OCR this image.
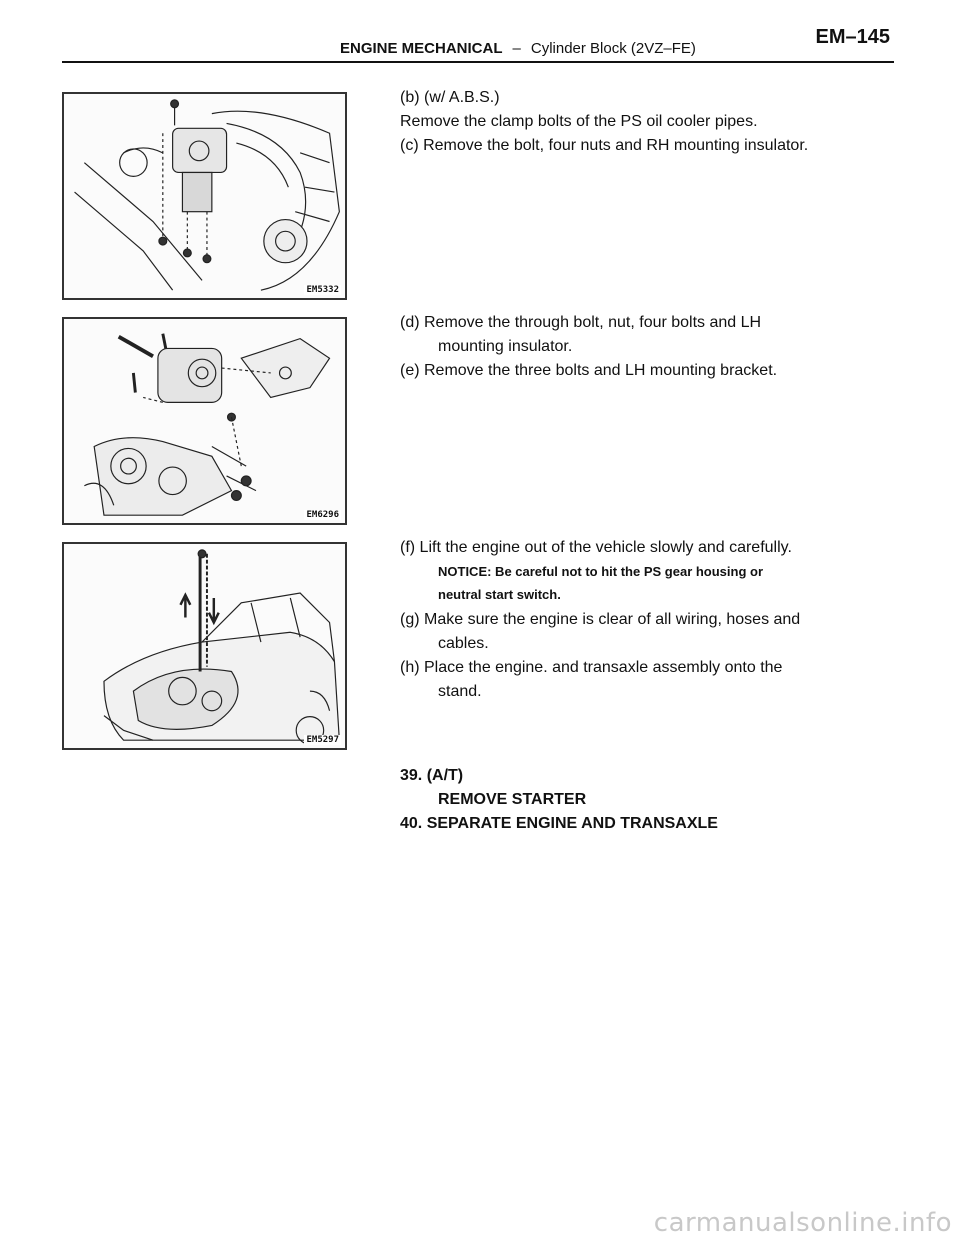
ENGINE MECHANICAL – Cylinder Block (2VZ–FE)
EM–145
EM5332

(b) (w/ A.B.S.)

Remove the clamp bolts of the PS oil cooler pipes.

(c) Remove the bolt, four nuts and RH mounting insulator.

EM6296

(d) Remove the through bolt, nut, four bolts and LH

mounting insulator.

(e) Remove the three bolts and LH mounting bracket.

EM5297

(f) Lift the engine out of the vehicle slowly and carefully.

NOTICE: Be careful not to hit the PS gear housing or

neutral start switch.

(g) Make sure the engine is clear of all wiring, hoses and

cables.

(h) Place the engine. and transaxle assembly onto the

stand.

39. (A/T)

REMOVE STARTER

40. SEPARATE ENGINE AND TRANSAXLE

carmanualsonline.info
